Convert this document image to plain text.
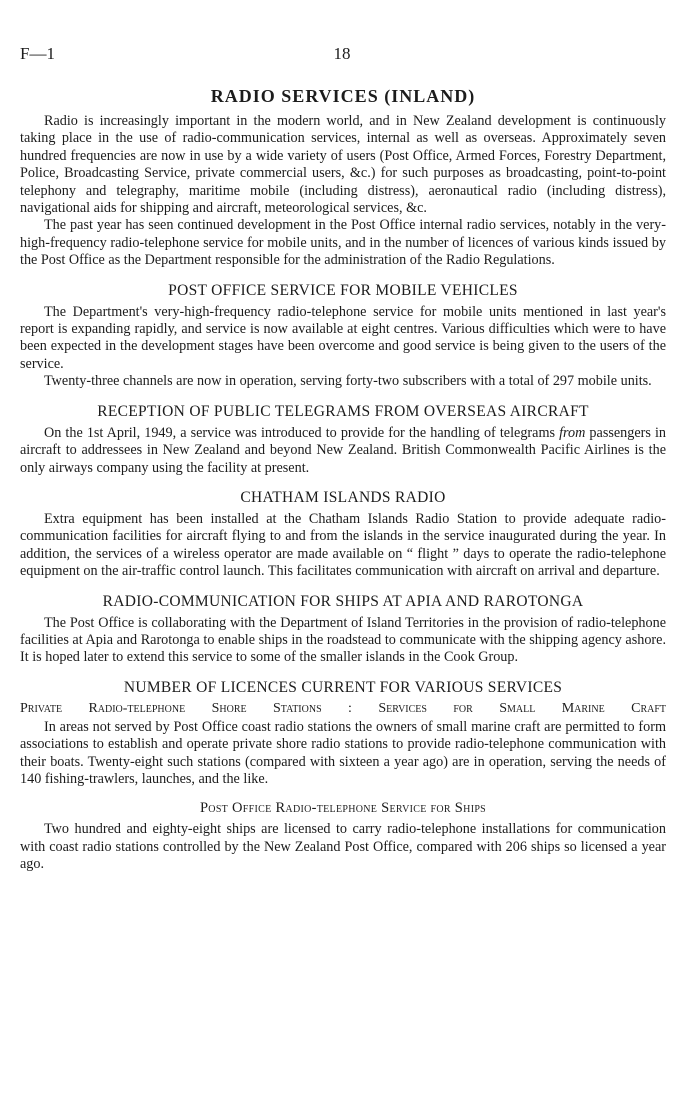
F—1	18
RADIO SERVICES (INLAND)

Radio is increasingly important in the modern world, and in New Zealand development is continuously taking place in the use of radio-communication services, internal as well as overseas. Approximately seven hundred frequencies are now in use by a wide variety of users (Post Office, Armed Forces, Forestry Department, Police, Broadcasting Service, private commercial users, &c.) for such purposes as broadcasting, point-to-point telephony and telegraphy, maritime mobile (including distress), aeronautical radio (including distress), navigational aids for shipping and aircraft, meteorological services, &c.

The past year has seen continued development in the Post Office internal radio services, notably in the very-high-frequency radio-telephone service for mobile units, and in the number of licences of various kinds issued by the Post Office as the Department responsible for the administration of the Radio Regulations.

POST OFFICE SERVICE FOR MOBILE VEHICLES

The Department's very-high-frequency radio-telephone service for mobile units mentioned in last year's report is expanding rapidly, and service is now available at eight centres. Various difficulties which were to have been expected in the development stages have been overcome and good service is being given to the users of the service.

Twenty-three channels are now in operation, serving forty-two subscribers with a total of 297 mobile units.

RECEPTION OF PUBLIC TELEGRAMS FROM OVERSEAS AIRCRAFT

On the 1st April, 1949, a service was introduced to provide for the handling of telegrams from passengers in aircraft to addressees in New Zealand and beyond New Zealand. British Commonwealth Pacific Airlines is the only airways company using the facility at present.

CHATHAM ISLANDS RADIO

Extra equipment has been installed at the Chatham Islands Radio Station to provide adequate radio-communication facilities for aircraft flying to and from the islands in the service inaugurated during the year. In addition, the services of a wireless operator are made available on “ flight ” days to operate the radio-telephone equipment on the air-traffic control launch. This facilitates communication with aircraft on arrival and departure.

RADIO-COMMUNICATION FOR SHIPS AT APIA AND RAROTONGA

The Post Office is collaborating with the Department of Island Territories in the provision of radio-telephone facilities at Apia and Rarotonga to enable ships in the roadstead to communicate with the shipping agency ashore. It is hoped later to extend this service to some of the smaller islands in the Cook Group.

NUMBER OF LICENCES CURRENT FOR VARIOUS SERVICES
Private Radio-telephone Shore Stations : Services for Small Marine Craft

In areas not served by Post Office coast radio stations the owners of small marine craft are permitted to form associations to establish and operate private shore radio stations to provide radio-telephone communication with their boats. Twenty-eight such stations (compared with sixteen a year ago) are in operation, serving the needs of 140 fishing-trawlers, launches, and the like.

Post Office Radio-telephone Service for Ships

Two hundred and eighty-eight ships are licensed to carry radio-telephone installations for communication with coast radio stations controlled by the New Zealand Post Office, compared with 206 ships so licensed a year ago.
